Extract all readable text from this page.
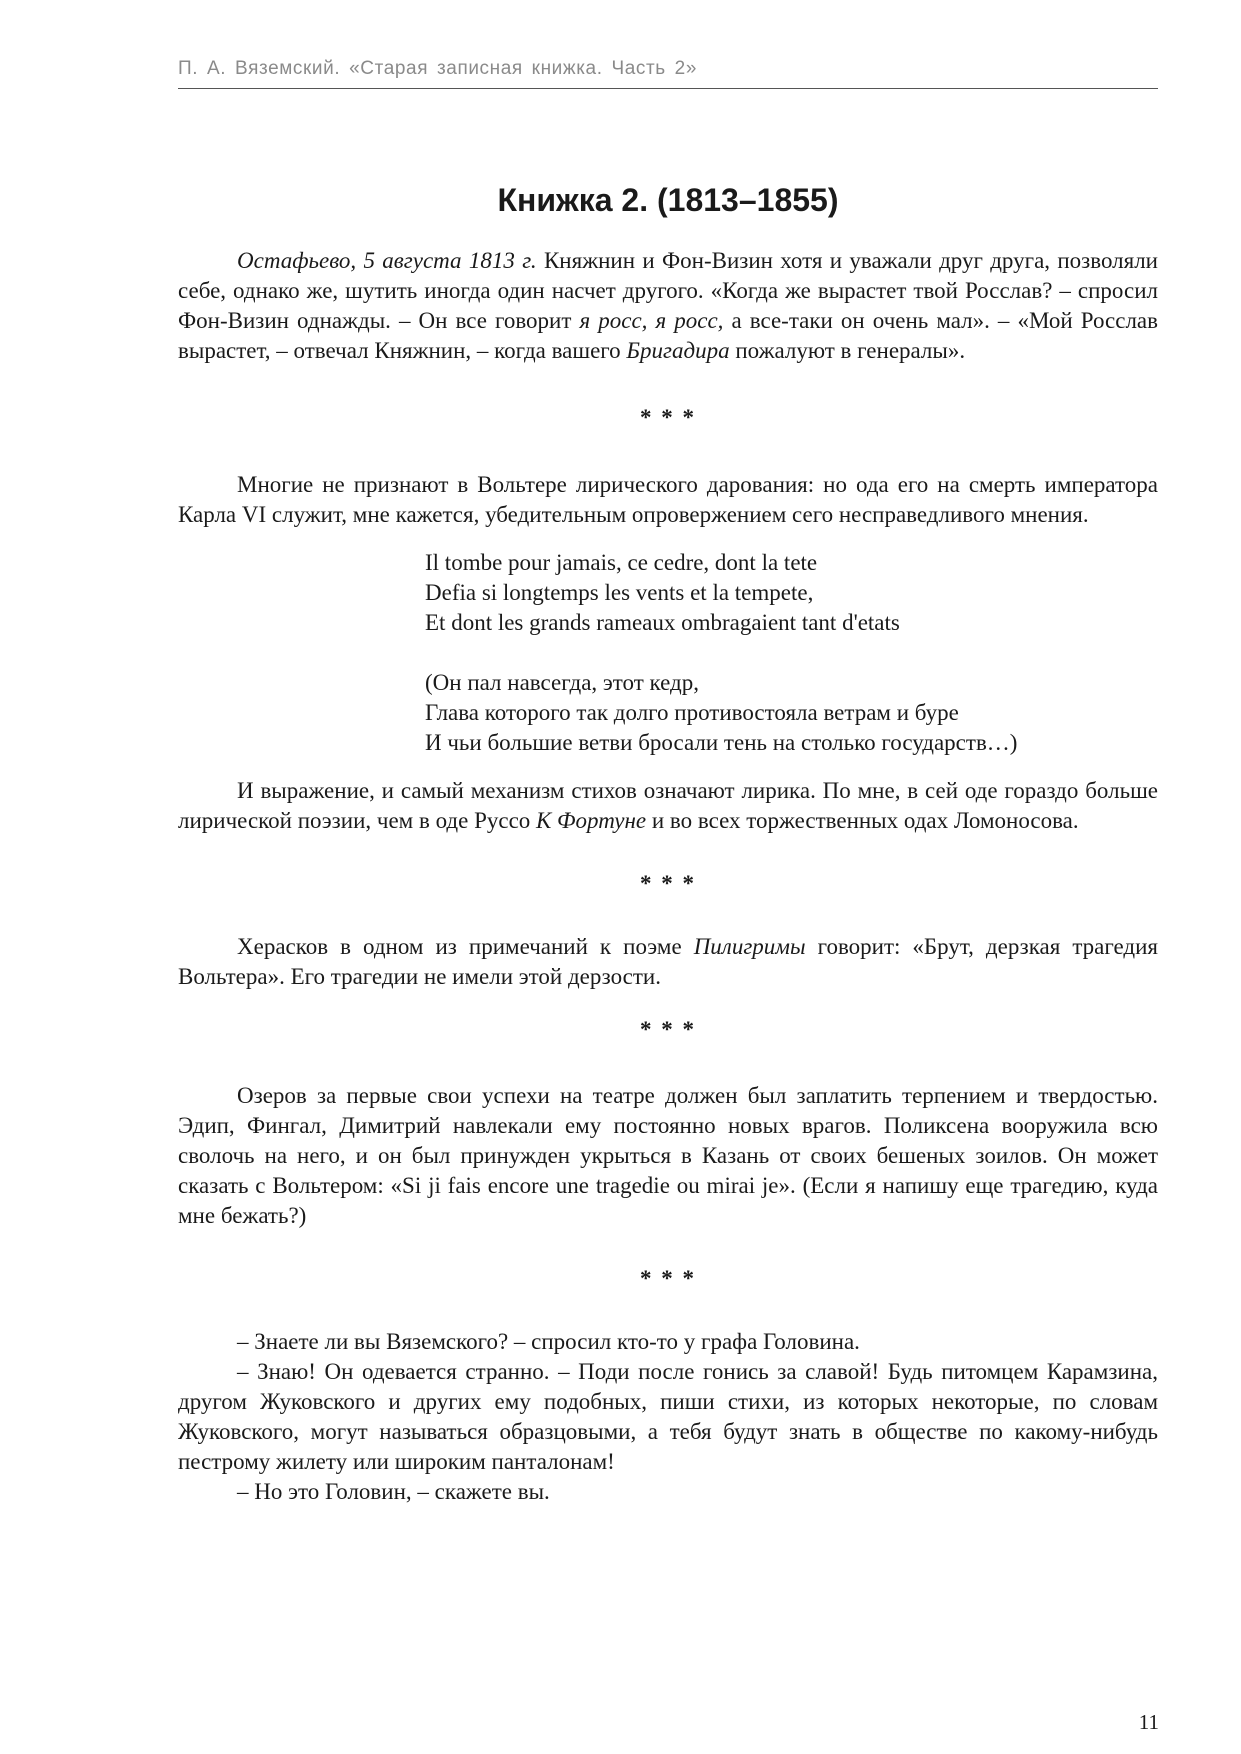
П. А. Вяземский. «Старая записная книжка. Часть 2»
Книжка 2. (1813–1855)

Остафьево, 5 августа 1813 г. Княжнин и Фон-Визин хотя и уважали друг друга, позволяли себе, однако же, шутить иногда один насчет другого. «Когда же вырастет твой Росслав? – спросил Фон-Визин однажды. – Он все говорит я росс, я росс, а все-таки он очень мал». – «Мой Росслав вырастет, – отвечал Княжнин, – когда вашего Бригадира пожалуют в генералы».

* * *

Многие не признают в Вольтере лирического дарования: но ода его на смерть императора Карла VI служит, мне кажется, убедительным опровержением сего несправедливого мнения.

Il tombe pour jamais, ce cedre, dont la tete
Defia si longtemps les vents et la tempete,
Et dont les grands rameaux ombragaient tant d'etats
(Он пал навсегда, этот кедр,
Глава которого так долго противостояла ветрам и буре
И чьи большие ветви бросали тень на столько государств…)

И выражение, и самый механизм стихов означают лирика. По мне, в сей оде гораздо больше лирической поэзии, чем в оде Руссо К Фортуне и во всех торжественных одах Ломоносова.

* * *

Херасков в одном из примечаний к поэме Пилигримы говорит: «Брут, дерзкая трагедия Вольтера». Его трагедии не имели этой дерзости.

* * *

Озеров за первые свои успехи на театре должен был заплатить терпением и твердостью. Эдип, Фингал, Димитрий навлекали ему постоянно новых врагов. Поликсена вооружила всю сволочь на него, и он был принужден укрыться в Казань от своих бешеных зоилов. Он может сказать с Вольтером: «Si ji fais encore une tragedie ou mirai je». (Если я напишу еще трагедию, куда мне бежать?)

* * *

– Знаете ли вы Вяземского? – спросил кто-то у графа Головина.

– Знаю! Он одевается странно. – Поди после гонись за славой! Будь питомцем Карамзина, другом Жуковского и других ему подобных, пиши стихи, из которых некоторые, по словам Жуковского, могут называться образцовыми, а тебя будут знать в обществе по какому-нибудь пестрому жилету или широким панталонам!

– Но это Головин, – скажете вы.

11
